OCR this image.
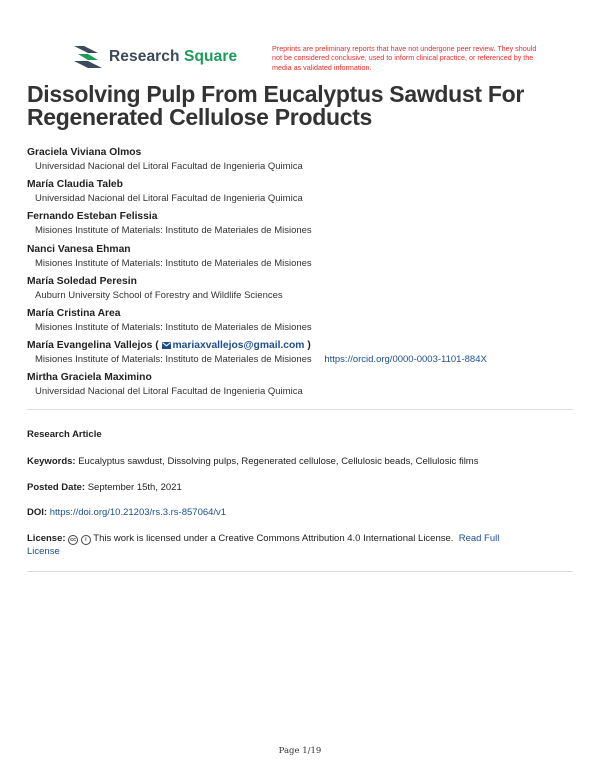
Research Square	Preprints are preliminary reports that have not undergone peer review. They should not be considered conclusive, used to inform clinical practice, or referenced by the media as validated information.
Dissolving Pulp From Eucalyptus Sawdust For Regenerated Cellulose Products
Graciela Viviana Olmos
Universidad Nacional del Litoral Facultad de Ingenieria Quimica
María Claudia Taleb
Universidad Nacional del Litoral Facultad de Ingenieria Quimica
Fernando Esteban Felissia
Misiones Institute of Materials: Instituto de Materiales de Misiones
Nanci Vanesa Ehman
Misiones Institute of Materials: Instituto de Materiales de Misiones
María Soledad Peresin
Auburn University School of Forestry and Wildlife Sciences
María Cristina Area
Misiones Institute of Materials: Instituto de Materiales de Misiones
María Evangelina Vallejos ( mariaxvallejos@gmail.com )
Misiones Institute of Materials: Instituto de Materiales de Misiones https://orcid.org/0000-0003-1101-884X
Mirtha Graciela Maximino
Universidad Nacional del Litoral Facultad de Ingenieria Quimica
Research Article
Keywords: Eucalyptus sawdust, Dissolving pulps, Regenerated cellulose, Cellulosic beads, Cellulosic films
Posted Date: September 15th, 2021
DOI: https://doi.org/10.21203/rs.3.rs-857064/v1
License: cc i This work is licensed under a Creative Commons Attribution 4.0 International License. Read Full
License
Page 1/19
